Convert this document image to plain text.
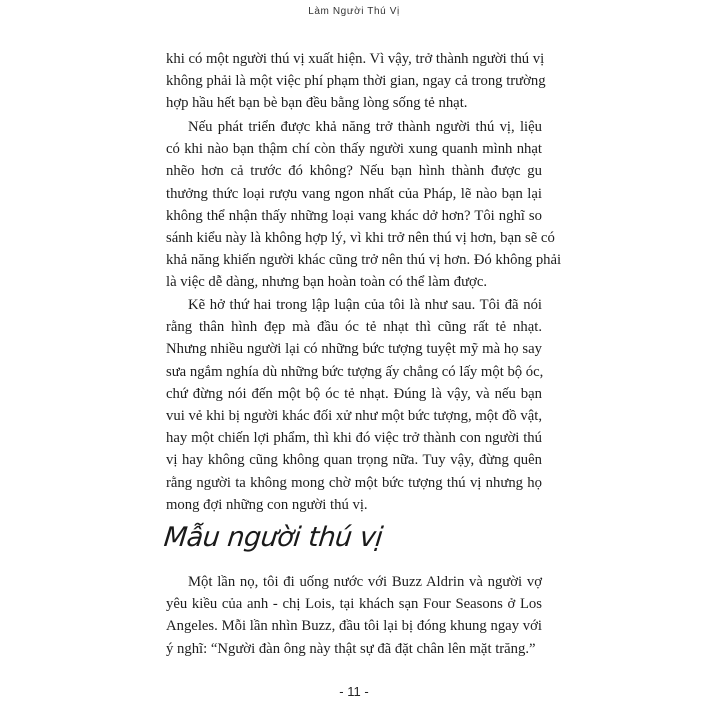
Làm Người Thú Vị
khi có một người thú vị xuất hiện. Vì vậy, trở thành người thú vị
không phải là một việc phí phạm thời gian, ngay cả trong trường
hợp hầu hết bạn bè bạn đều bằng lòng sống tẻ nhạt.
Nếu phát triển được khả năng trở thành người thú vị, liệu
có khi nào bạn thậm chí còn thấy người xung quanh mình nhạt
nhẽo hơn cả trước đó không? Nếu bạn hình thành được gu
thưởng thức loại rượu vang ngon nhất của Pháp, lẽ nào bạn lại
không thể nhận thấy những loại vang khác dở hơn? Tôi nghĩ so
sánh kiểu này là không hợp lý, vì khi trở nên thú vị hơn, bạn sẽ có
khả năng khiến người khác cũng trở nên thú vị hơn. Đó không phải
là việc dễ dàng, nhưng bạn hoàn toàn có thể làm được.
Kẽ hở thứ hai trong lập luận của tôi là như sau. Tôi đã nói
rằng thân hình đẹp mà đầu óc tẻ nhạt thì cũng rất tẻ nhạt.
Nhưng nhiều người lại có những bức tượng tuyệt mỹ mà họ say
sưa ngắm nghía dù những bức tượng ấy chẳng có lấy một bộ óc,
chứ đừng nói đến một bộ óc tẻ nhạt. Đúng là vậy, và nếu bạn
vui vẻ khi bị người khác đối xử như một bức tượng, một đồ vật,
hay một chiến lợi phẩm, thì khi đó việc trở thành con người thú
vị hay không cũng không quan trọng nữa. Tuy vậy, đừng quên
rằng người ta không mong chờ một bức tượng thú vị nhưng họ
mong đợi những con người thú vị.
Mẫu người thú vị
Một lần nọ, tôi đi uống nước với Buzz Aldrin và người vợ
yêu kiều của anh - chị Lois, tại khách sạn Four Seasons ở Los
Angeles. Mỗi lần nhìn Buzz, đầu tôi lại bị đóng khung ngay với
ý nghĩ: “Người đàn ông này thật sự đã đặt chân lên mặt trăng.”
- 11 -
